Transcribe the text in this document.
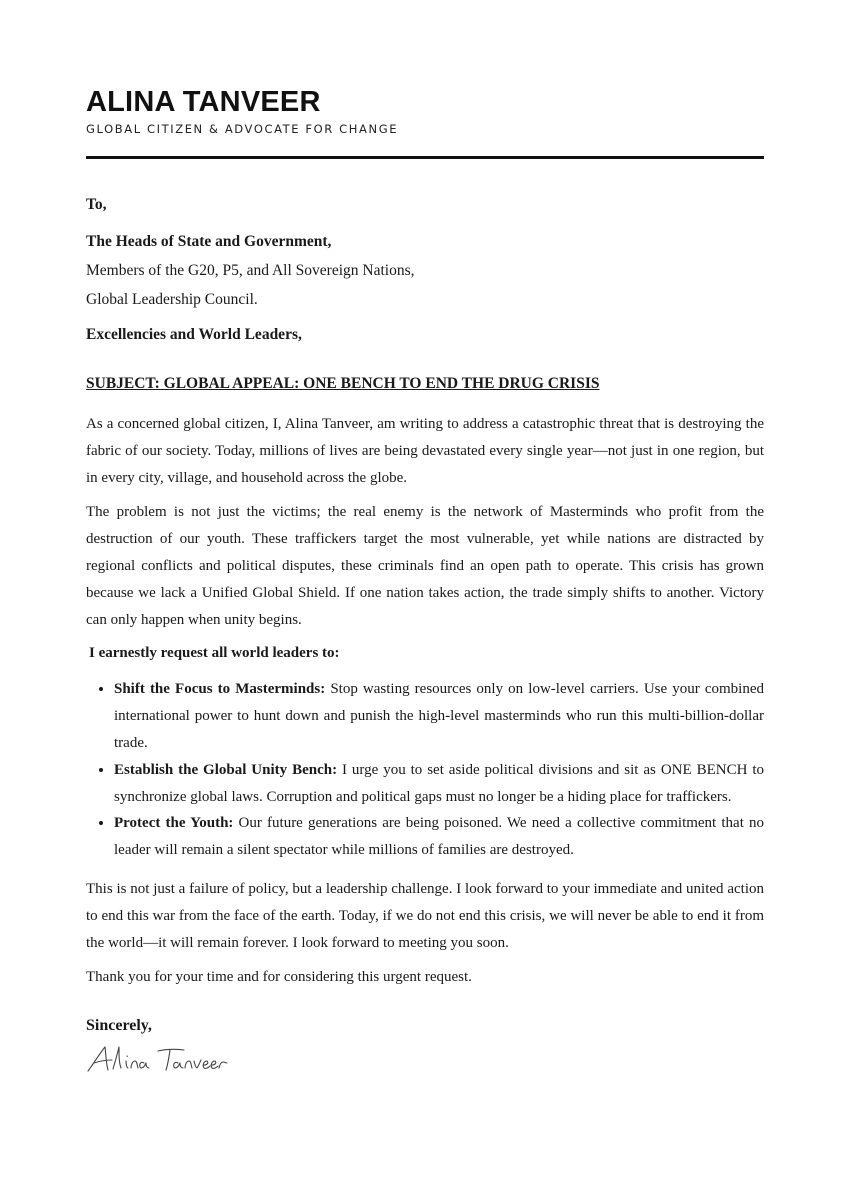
ALINA TANVEER
GLOBAL CITIZEN & ADVOCATE FOR CHANGE
To,
The Heads of State and Government,
Members of the G20, P5, and All Sovereign Nations,
Global Leadership Council.
Excellencies and World Leaders,
SUBJECT: GLOBAL APPEAL: ONE BENCH TO END THE DRUG CRISIS

As a concerned global citizen, I, Alina Tanveer, am writing to address a catastrophic threat that is destroying the fabric of our society. Today, millions of lives are being devastated every single year—not just in one region, but in every city, village, and household across the globe.

The problem is not just the victims; the real enemy is the network of Masterminds who profit from the destruction of our youth. These traffickers target the most vulnerable, yet while nations are distracted by regional conflicts and political disputes, these criminals find an open path to operate. This crisis has grown because we lack a Unified Global Shield. If one nation takes action, the trade simply shifts to another. Victory can only happen when unity begins.

I earnestly request all world leaders to:
• Shift the Focus to Masterminds: Stop wasting resources only on low-level carriers. Use your combined international power to hunt down and punish the high-level masterminds who run this multi-billion-dollar trade.
• Establish the Global Unity Bench: I urge you to set aside political divisions and sit as ONE BENCH to synchronize global laws. Corruption and political gaps must no longer be a hiding place for traffickers.
• Protect the Youth: Our future generations are being poisoned. We need a collective commitment that no leader will remain a silent spectator while millions of families are destroyed.

This is not just a failure of policy, but a leadership challenge. I look forward to your immediate and united action to end this war from the face of the earth. Today, if we do not end this crisis, we will never be able to end it from the world—it will remain forever. I look forward to meeting you soon.

Thank you for your time and for considering this urgent request.

Sincerely,
